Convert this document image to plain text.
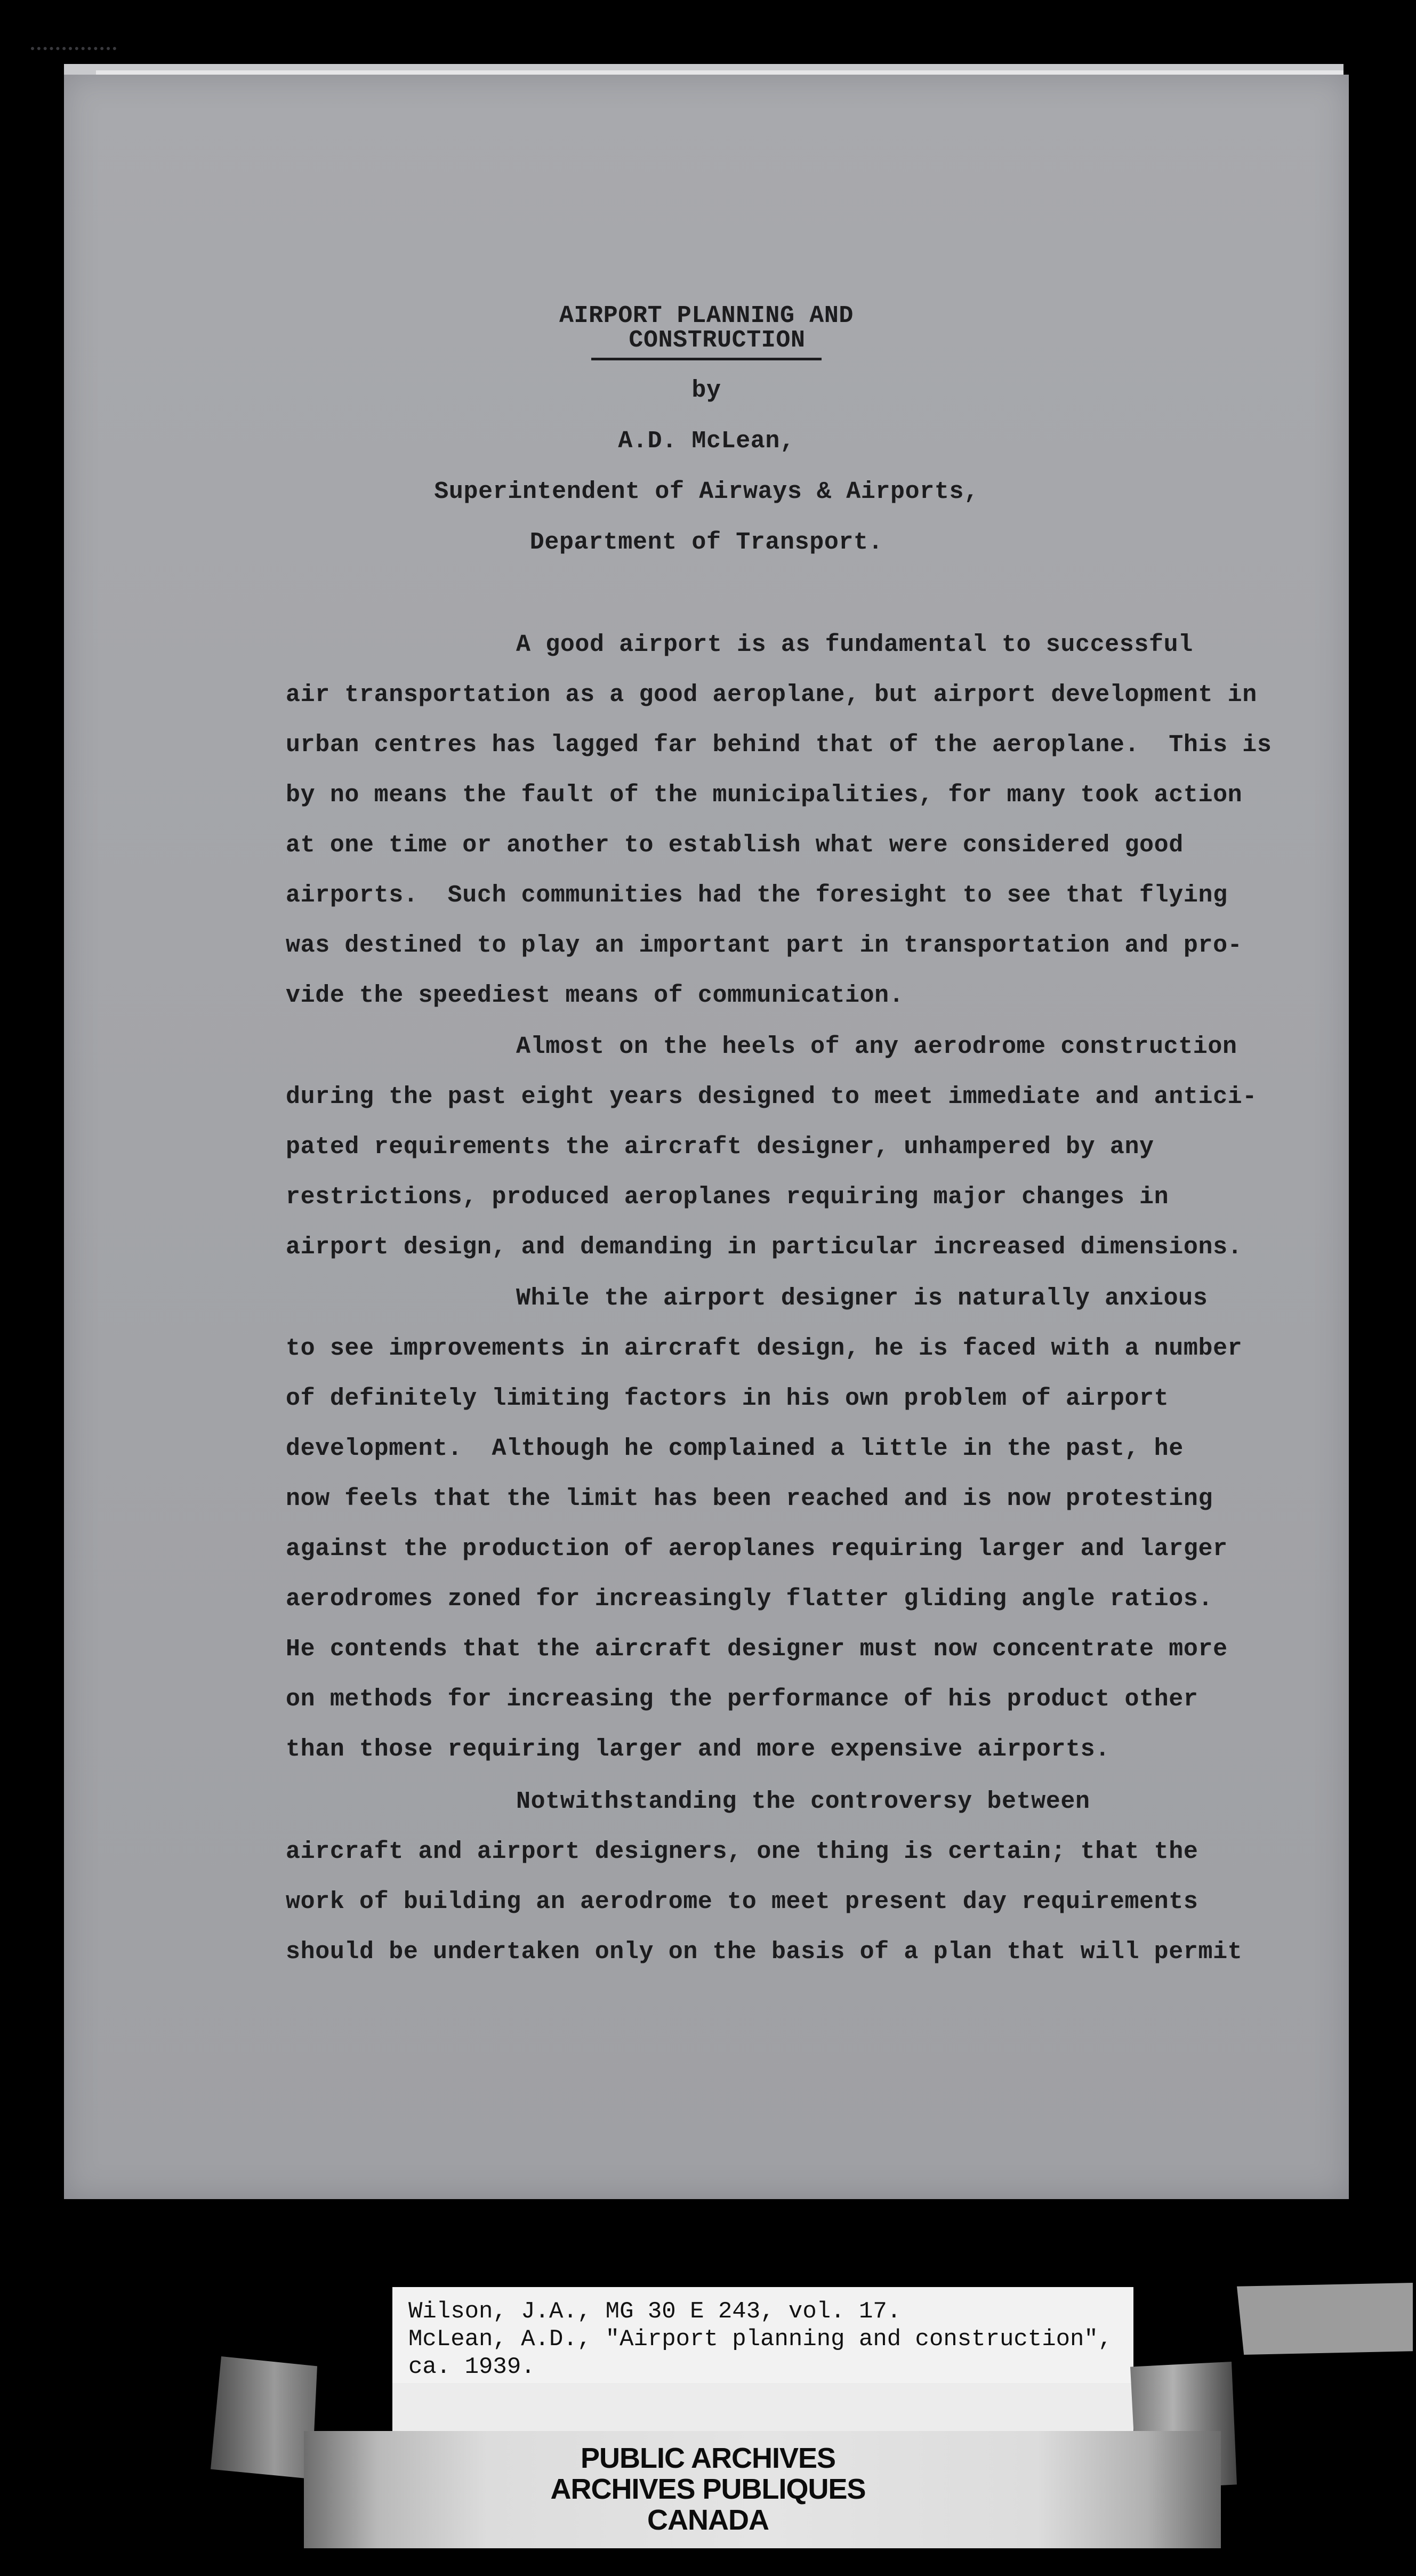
AIRPORT PLANNING AND
CONSTRUCTION
by
A.D. McLean,
Superintendent of Airways & Airports,
Department of Transport.
A good airport is as fundamental to successful
air transportation as a good aeroplane, but airport development in
urban centres has lagged far behind that of the aeroplane.  This is
by no means the fault of the municipalities, for many took action
at one time or another to establish what were considered good
airports.  Such communities had the foresight to see that flying
was destined to play an important part in transportation and pro-
vide the speediest means of communication.
Almost on the heels of any aerodrome construction
during the past eight years designed to meet immediate and antici-
pated requirements the aircraft designer, unhampered by any
restrictions, produced aeroplanes requiring major changes in
airport design, and demanding in particular increased dimensions.
While the airport designer is naturally anxious
to see improvements in aircraft design, he is faced with a number
of definitely limiting factors in his own problem of airport
development.  Although he complained a little in the past, he
now feels that the limit has been reached and is now protesting
against the production of aeroplanes requiring larger and larger
aerodromes zoned for increasingly flatter gliding angle ratios.
He contends that the aircraft designer must now concentrate more
on methods for increasing the performance of his product other
than those requiring larger and more expensive airports.
Notwithstanding the controversy between
aircraft and airport designers, one thing is certain; that the
work of building an aerodrome to meet present day requirements
should be undertaken only on the basis of a plan that will permit
Wilson, J.A., MG 30 E 243, vol. 17.
McLean, A.D., "Airport planning and construction",
ca. 1939.
PUBLIC ARCHIVES
ARCHIVES PUBLIQUES
CANADA
